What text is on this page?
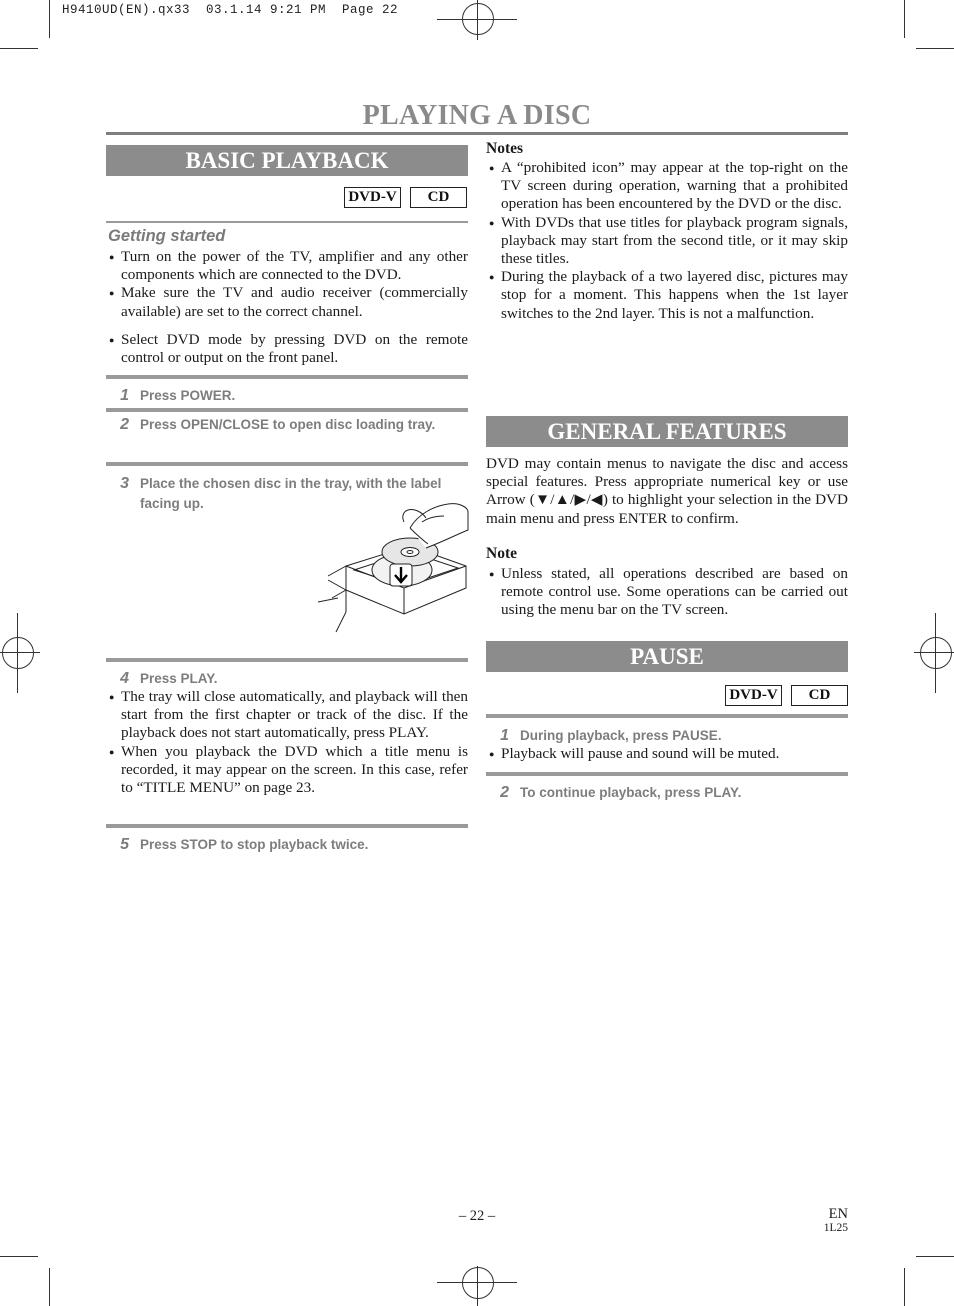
H9410UD(EN).qx33  03.1.14 9:21 PM  Page 22
PLAYING A DISC
BASIC PLAYBACK
DVD-V	CD
Getting started
● Turn on the power of the TV, amplifier and any other components which are connected to the DVD.
● Make sure the TV and audio receiver (commercially available) are set to the correct channel.
● Select DVD mode by pressing DVD on the remote control or output on the front panel.
1 Press POWER.
2 Press OPEN/CLOSE to open disc loading tray.
3 Place the chosen disc in the tray, with the label facing up.
4 Press PLAY.
● The tray will close automatically, and playback will then start from the first chapter or track of the disc. If the playback does not start automatically, press PLAY.
● When you playback the DVD which a title menu is recorded, it may appear on the screen. In this case, refer to “TITLE MENU” on page 23.
5 Press STOP to stop playback twice.
Notes
● A “prohibited icon” may appear at the top-right on the TV screen during operation, warning that a prohibited operation has been encountered by the DVD or the disc.
● With DVDs that use titles for playback program signals, playback may start from the second title, or it may skip these titles.
● During the playback of a two layered disc, pictures may stop for a moment. This happens when the 1st layer switches to the 2nd layer. This is not a malfunction.
GENERAL FEATURES
DVD may contain menus to navigate the disc and access special features. Press appropriate numerical key or use Arrow (▼/▲/▶/◀) to highlight your selection in the DVD main menu and press ENTER to confirm.
Note
● Unless stated, all operations described are based on remote control use. Some operations can be carried out using the menu bar on the TV screen.
PAUSE
DVD-V	CD
1 During playback, press PAUSE.
● Playback will pause and sound will be muted.
2 To continue playback, press PLAY.
– 22 –	EN
1L25
